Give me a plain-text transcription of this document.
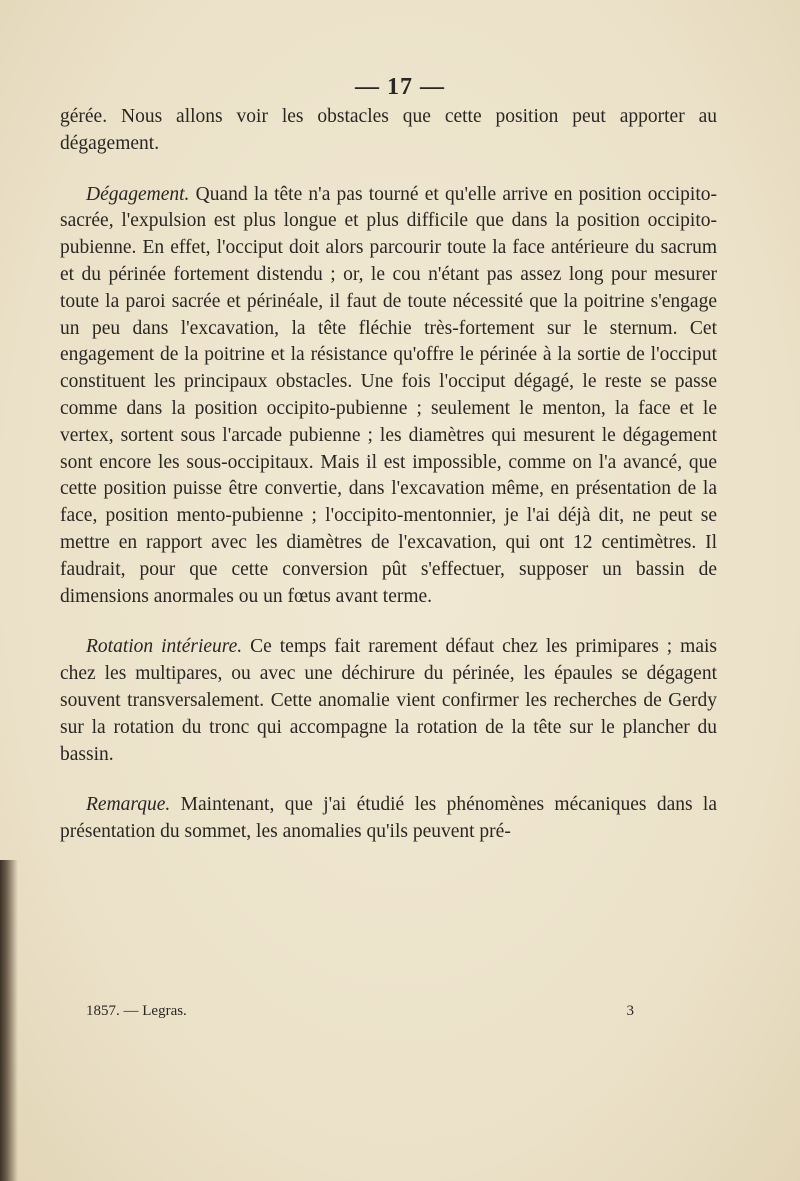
— 17 —

gérée. Nous allons voir les obstacles que cette position peut apporter au dégagement.

Dégagement. Quand la tête n'a pas tourné et qu'elle arrive en position occipito-sacrée, l'expulsion est plus longue et plus difficile que dans la position occipito-pubienne. En effet, l'occiput doit alors parcourir toute la face antérieure du sacrum et du périnée fortement distendu ; or, le cou n'étant pas assez long pour mesurer toute la paroi sacrée et périnéale, il faut de toute nécessité que la poitrine s'engage un peu dans l'excavation, la tête fléchie très-fortement sur le sternum. Cet engagement de la poitrine et la résistance qu'offre le périnée à la sortie de l'occiput constituent les principaux obstacles. Une fois l'occiput dégagé, le reste se passe comme dans la position occipito-pubienne ; seulement le menton, la face et le vertex, sortent sous l'arcade pubienne ; les diamètres qui mesurent le dégagement sont encore les sous-occipitaux. Mais il est impossible, comme on l'a avancé, que cette position puisse être convertie, dans l'excavation même, en présentation de la face, position mento-pubienne ; l'occipito-mentonnier, je l'ai déjà dit, ne peut se mettre en rapport avec les diamètres de l'excavation, qui ont 12 centimètres. Il faudrait, pour que cette conversion pût s'effectuer, supposer un bassin de dimensions anormales ou un fœtus avant terme.

Rotation intérieure. Ce temps fait rarement défaut chez les primipares ; mais chez les multipares, ou avec une déchirure du périnée, les épaules se dégagent souvent transversalement. Cette anomalie vient confirmer les recherches de Gerdy sur la rotation du tronc qui accompagne la rotation de la tête sur le plancher du bassin.

Remarque. Maintenant, que j'ai étudié les phénomènes mécaniques dans la présentation du sommet, les anomalies qu'ils peuvent pré-

1857. — Legras.	3
